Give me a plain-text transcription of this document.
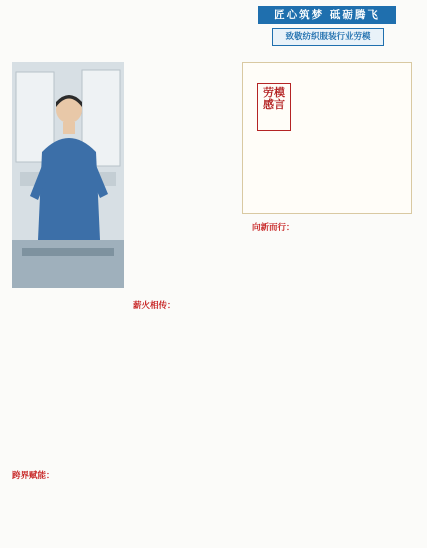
匠心筑梦 砥砺腾飞
致敬纺织服装行业劳模
劳模感言
跨界赋能：
薪火相传：
向新而行：
